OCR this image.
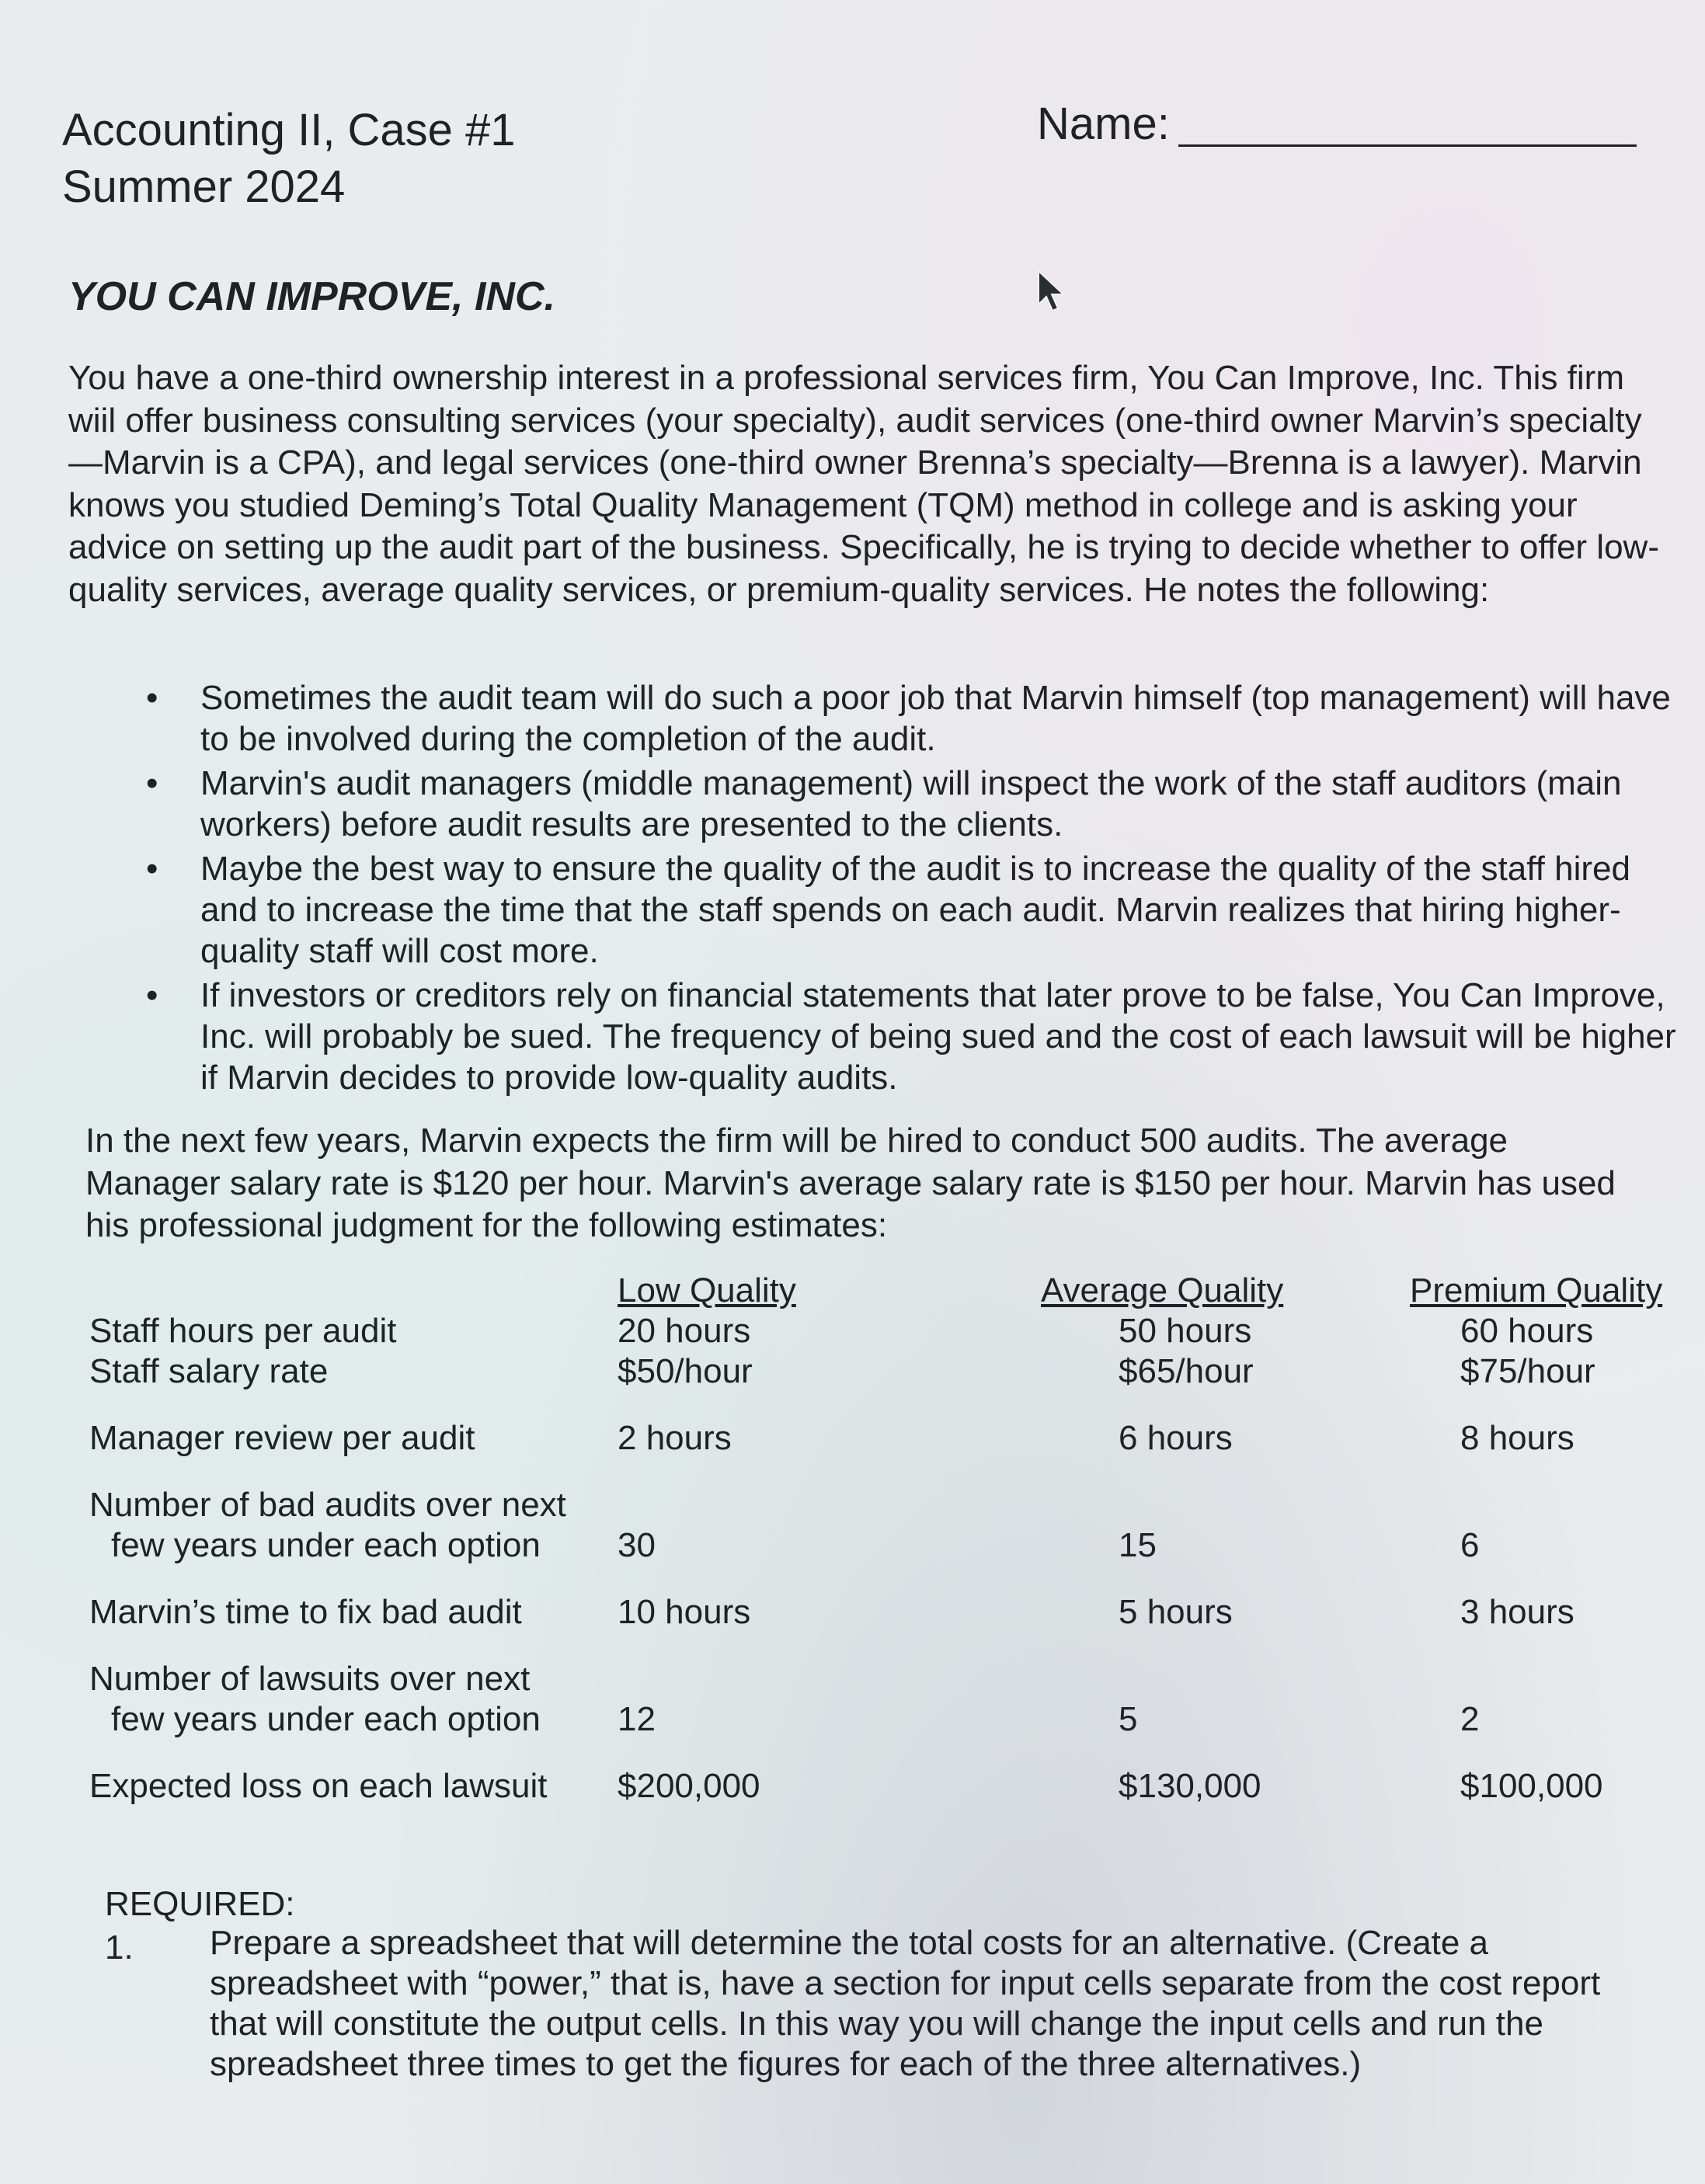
Accounting II, Case #1
Summer 2024
Name:
YOU CAN IMPROVE, INC.

You have a one-third ownership interest in a professional services firm, You Can Improve, Inc. This firm wiil offer business consulting services (your specialty), audit services (one-third owner Marvin’s specialty—Marvin is a CPA), and legal services (one-third owner Brenna’s specialty—Brenna is a lawyer). Marvin knows you studied Deming’s Total Quality Management (TQM) method in college and is asking your advice on setting up the audit part of the business. Specifically, he is trying to decide whether to offer low-quality services, average quality services, or premium-quality services. He notes the following:

• Sometimes the audit team will do such a poor job that Marvin himself (top management) will have to be involved during the completion of the audit.
• Marvin's audit managers (middle management) will inspect the work of the staff auditors (main workers) before audit results are presented to the clients.
• Maybe the best way to ensure the quality of the audit is to increase the quality of the staff hired and to increase the time that the staff spends on each audit. Marvin realizes that hiring higher-quality staff will cost more.
• If investors or creditors rely on financial statements that later prove to be false, You Can Improve, Inc. will probably be sued. The frequency of being sued and the cost of each lawsuit will be higher if Marvin decides to provide low-quality audits.

In the next few years, Marvin expects the firm will be hired to conduct 500 audits. The average Manager salary rate is $120 per hour. Marvin's average salary rate is $150 per hour. Marvin has used his professional judgment for the following estimates:

	Low Quality	Average Quality	Premium Quality
Staff hours per audit	20 hours	50 hours	60 hours
Staff salary rate	$50/hour	$65/hour	$75/hour

Manager review per audit	2 hours	6 hours	8 hours

Number of bad audits over next
few years under each option	30	15	6

Marvin’s time to fix bad audit	10 hours	5 hours	3 hours

Number of lawsuits over next
few years under each option	12	5	2

Expected loss on each lawsuit	$200,000	$130,000	$100,000
REQUIRED:
1. Prepare a spreadsheet that will determine the total costs for an alternative. (Create a spreadsheet with “power,” that is, have a section for input cells separate from the cost report that will constitute the output cells. In this way you will change the input cells and run the spreadsheet three times to get the figures for each of the three alternatives.)
